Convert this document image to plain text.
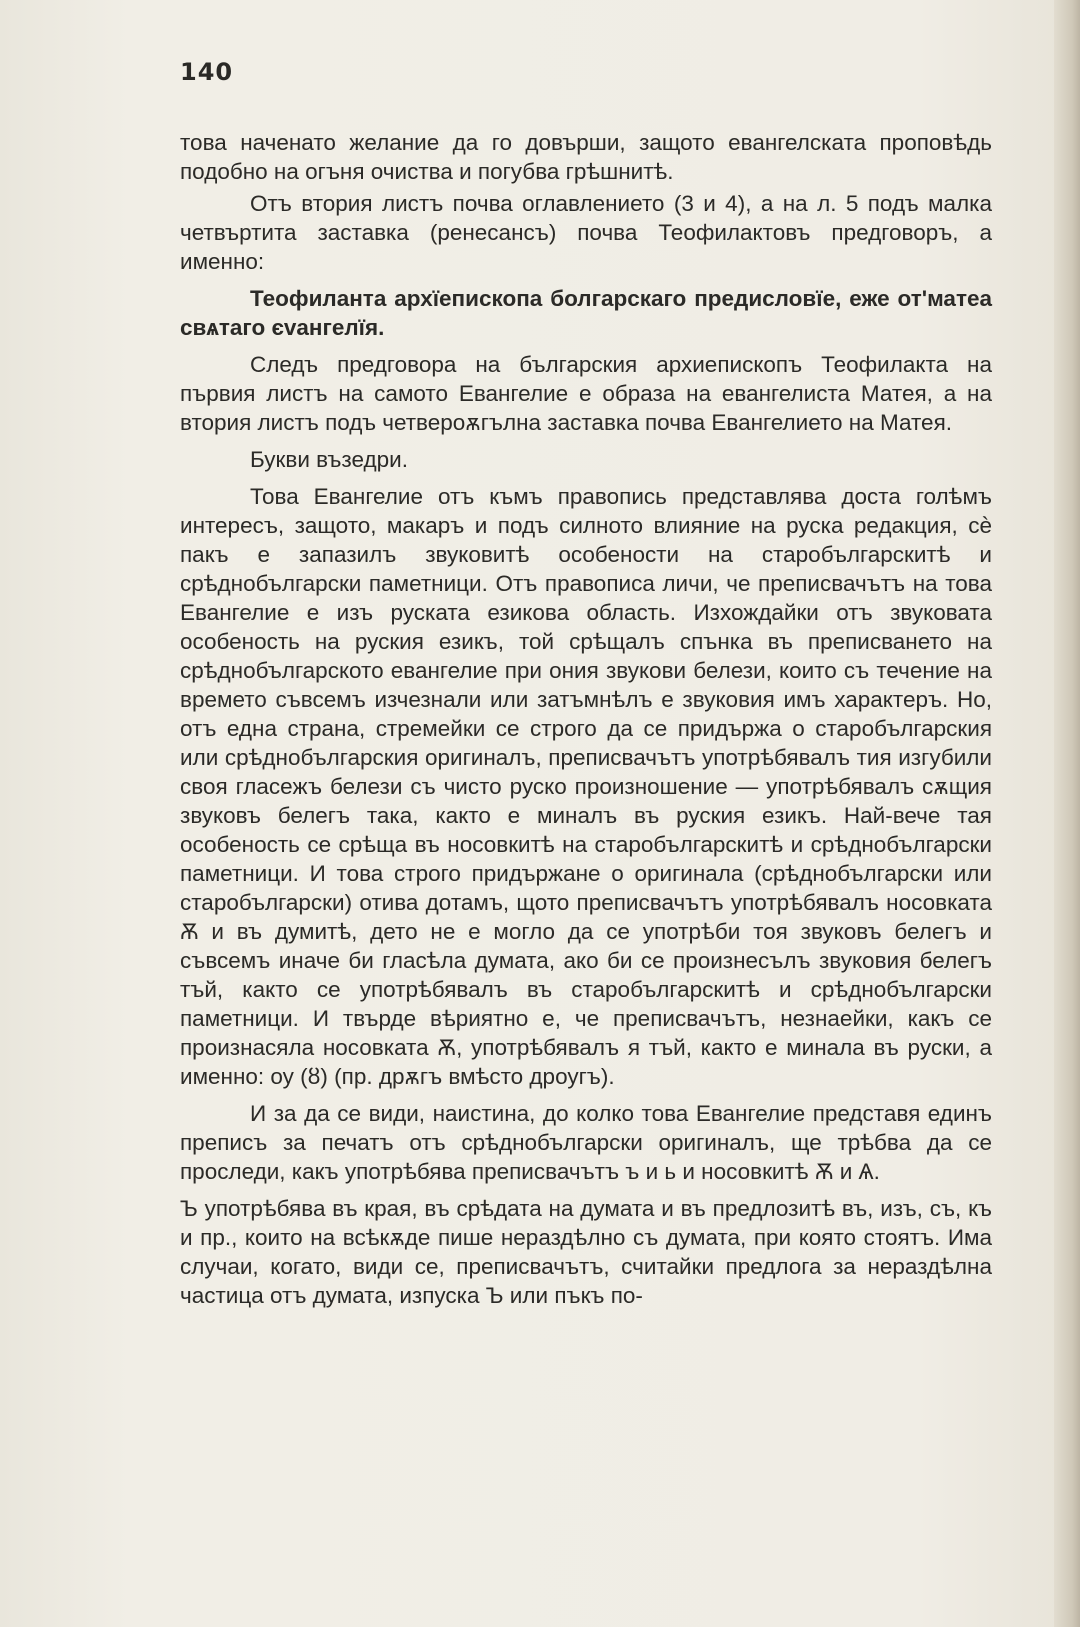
140

това наченато желание да го довърши, защото евангелската проповѣдь подобно на огъня очиства и погубва грѣшнитѣ.

Отъ втория листъ почва оглавлението (3 и 4), а на л. 5 подъ малка четвъртита заставка (ренесансъ) почва Теофилактовъ предговоръ, а именно:

Теофиланта архїепископа болгарскаго предисловїе, еже от'матеа свѧтаго єvангелїя.

Следъ предговора на българския архиепископъ Теофилакта на първия листъ на самото Евангелие е образа на евангелиста Матея, а на втория листъ подъ четвероѫгълна заставка почва Евангелието на Матея.

Букви възедри.

Това Евангелие отъ къмъ правопись представлява доста голѣмъ интересъ, защото, макаръ и подъ силното влияние на руска редакция, сѐ пакъ е запазилъ звуковитѣ особености на старобългарскитѣ и срѣднобългарски паметници. Отъ правописа личи, че преписвачътъ на това Евангелие е изъ руската езикова область. Изхождайки отъ звуковата особеность на руския езикъ, той срѣщалъ спънка въ преписването на срѣднобългарското евангелие при ония звукови белези, които съ течение на времето съвсемъ изчезнали или затъмнѣлъ е звуковия имъ характеръ. Но, отъ една страна, стремейки се строго да се придържа о старобългарския или срѣднобългарския оригиналъ, преписвачътъ употрѣбявалъ тия изгубили своя гласежъ белези съ чисто руско произношение — употрѣбявалъ сѫщия звуковъ белегъ така, както е миналъ въ руския езикъ. Най-вече тая особеность се срѣща въ носовкитѣ на старобългарскитѣ и срѣднобългарски паметници. И това строго придържане о оригинала (срѣднобългарски или старобългарски) отива дотамъ, щото преписвачътъ употрѣбявалъ носовката Ѫ и въ думитѣ, дето не е могло да се употрѣби тоя звуковъ белегъ и съвсемъ иначе би гласѣла думата, ако би се произнесълъ звуковия белегъ тъй, както се употрѣбявалъ въ старобългарскитѣ и срѣднобългарски паметници. И твърде вѣриятно е, че преписвачътъ, незнаейки, какъ се произнасяла носовката Ѫ, употрѣбявалъ я тъй, както е минала въ руски, а именно: оу (ȣ) (пр. дрѫгъ вмѣсто дроугъ).

И за да се види, наистина, до колко това Евангелие представя единъ преписъ за печатъ отъ срѣднобългарски оригиналъ, ще трѣбва да се проследи, какъ употрѣбява преписвачътъ ъ и ь и носовкитѣ Ѫ и Ѧ.

Ъ употрѣбява въ края, въ срѣдата на думата и въ предлозитѣ въ, изъ, съ, къ и пр., които на всѣкѫде пише нераздѣлно съ думата, при която стоятъ. Има случаи, когато, види се, преписвачътъ, считайки предлога за нераздѣлна частица отъ думата, изпуска Ъ или пъкъ по-
